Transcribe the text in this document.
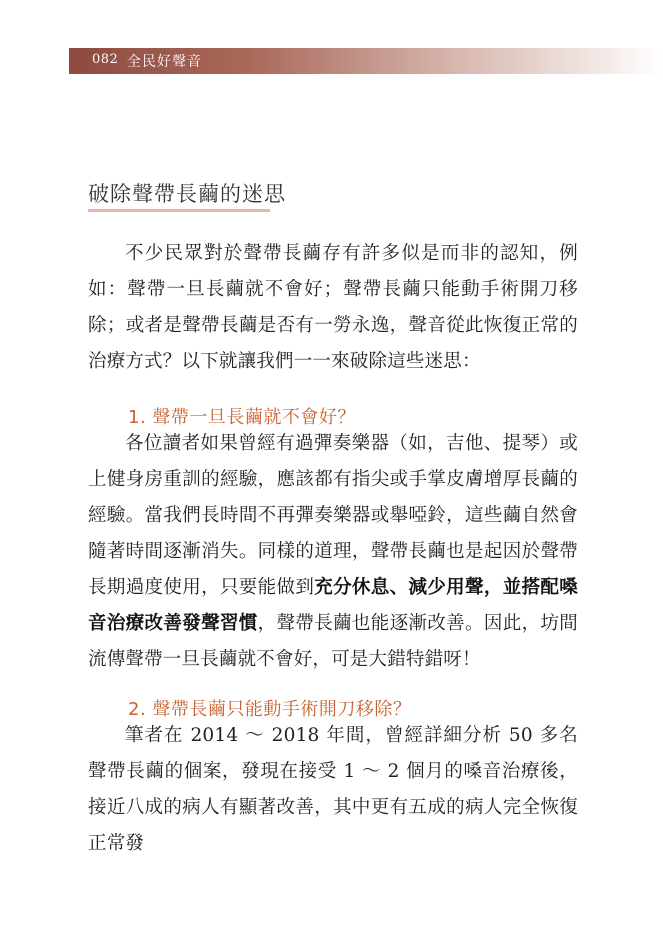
082 全民好聲音
破除聲帶長繭的迷思

不少民眾對於聲帶長繭存有許多似是而非的認知，例如：聲帶一旦長繭就不會好；聲帶長繭只能動手術開刀移除；或者是聲帶長繭是否有一勞永逸，聲音從此恢復正常的治療方式？以下就讓我們一一來破除這些迷思：

1. 聲帶一旦長繭就不會好？

各位讀者如果曾經有過彈奏樂器（如，吉他、提琴）或上健身房重訓的經驗，應該都有指尖或手掌皮膚增厚長繭的經驗。當我們長時間不再彈奏樂器或舉啞鈴，這些繭自然會隨著時間逐漸消失。同樣的道理，聲帶長繭也是起因於聲帶長期過度使用，只要能做到充分休息、減少用聲，並搭配嗓音治療改善發聲習慣，聲帶長繭也能逐漸改善。因此，坊間流傳聲帶一旦長繭就不會好，可是大錯特錯呀！

2. 聲帶長繭只能動手術開刀移除？

筆者在 2014 ～ 2018 年間，曾經詳細分析 50 多名聲帶長繭的個案，發現在接受 1 ～ 2 個月的嗓音治療後，接近八成的病人有顯著改善，其中更有五成的病人完全恢復正常發
